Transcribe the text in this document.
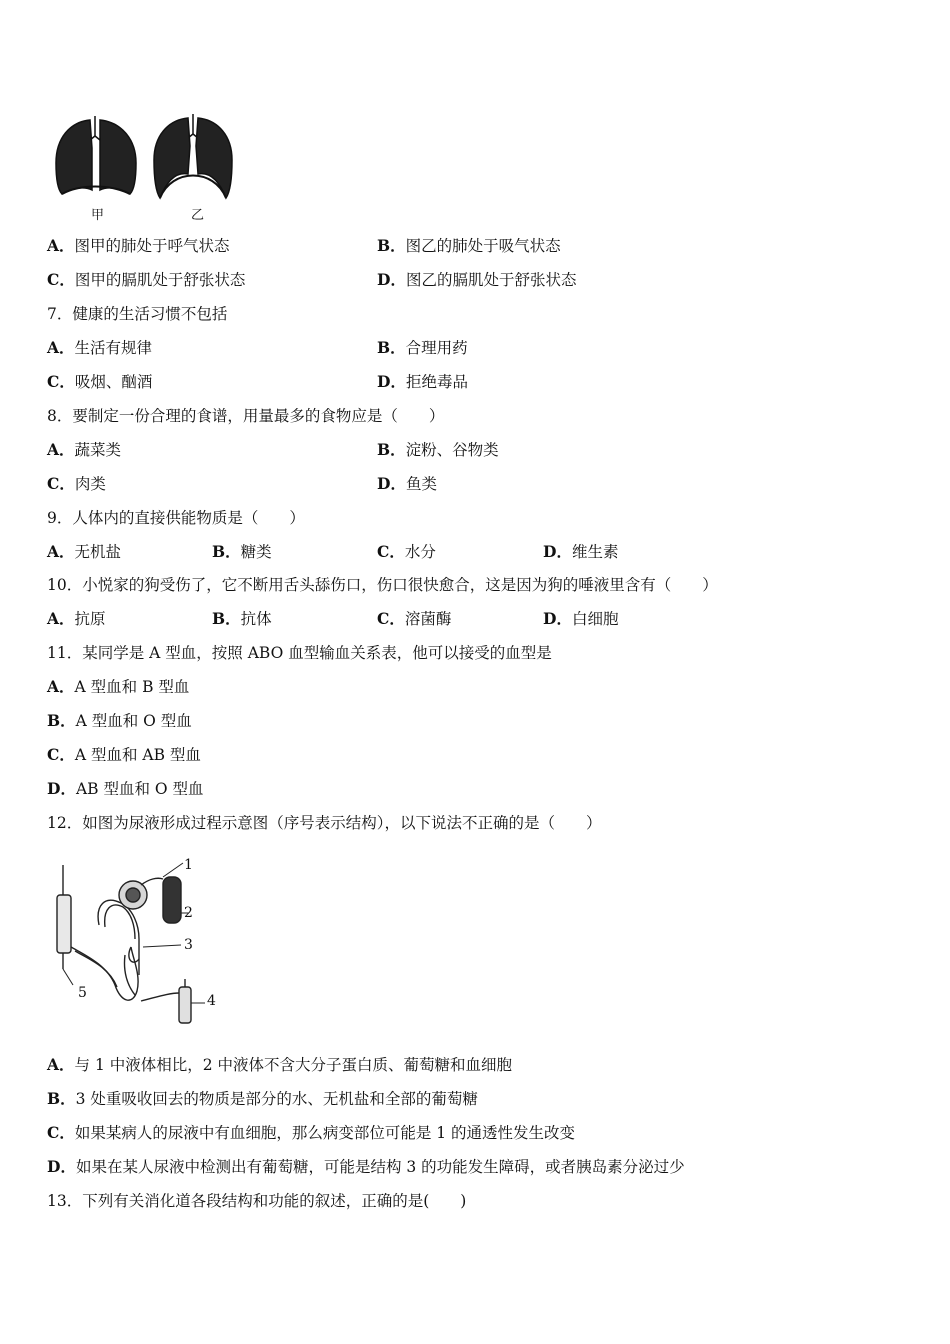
甲	乙
A．图甲的肺处于呼气状态	B．图乙的肺处于吸气状态
C．图甲的膈肌处于舒张状态	D．图乙的膈肌处于舒张状态
7．健康的生活习惯不包括
A．生活有规律	B．合理用药
C．吸烟、酗酒	D．拒绝毒品
8．要制定一份合理的食谱，用量最多的食物应是（　　）
A．蔬菜类	B．淀粉、谷物类
C．肉类	D．鱼类
9．人体内的直接供能物质是（　　）
A．无机盐	B．糖类	C．水分	D．维生素
10．小悦家的狗受伤了，它不断用舌头舔伤口，伤口很快愈合，这是因为狗的唾液里含有（　　）
A．抗原	B．抗体	C．溶菌酶	D．白细胞
11．某同学是 A 型血，按照 ABO 血型输血关系表，他可以接受的血型是
A．A 型血和 B 型血
B．A 型血和 O 型血
C．A 型血和 AB 型血
D．AB 型血和 O 型血
12．如图为尿液形成过程示意图（序号表示结构），以下说法不正确的是（　　）
1
2
3
4
5
A．与 1 中液体相比，2 中液体不含大分子蛋白质、葡萄糖和血细胞
B．3 处重吸收回去的物质是部分的水、无机盐和全部的葡萄糖
C．如果某病人的尿液中有血细胞，那么病变部位可能是 1 的通透性发生改变
D．如果在某人尿液中检测出有葡萄糖，可能是结构 3 的功能发生障碍，或者胰岛素分泌过少
13．下列有关消化道各段结构和功能的叙述，正确的是(　　)
